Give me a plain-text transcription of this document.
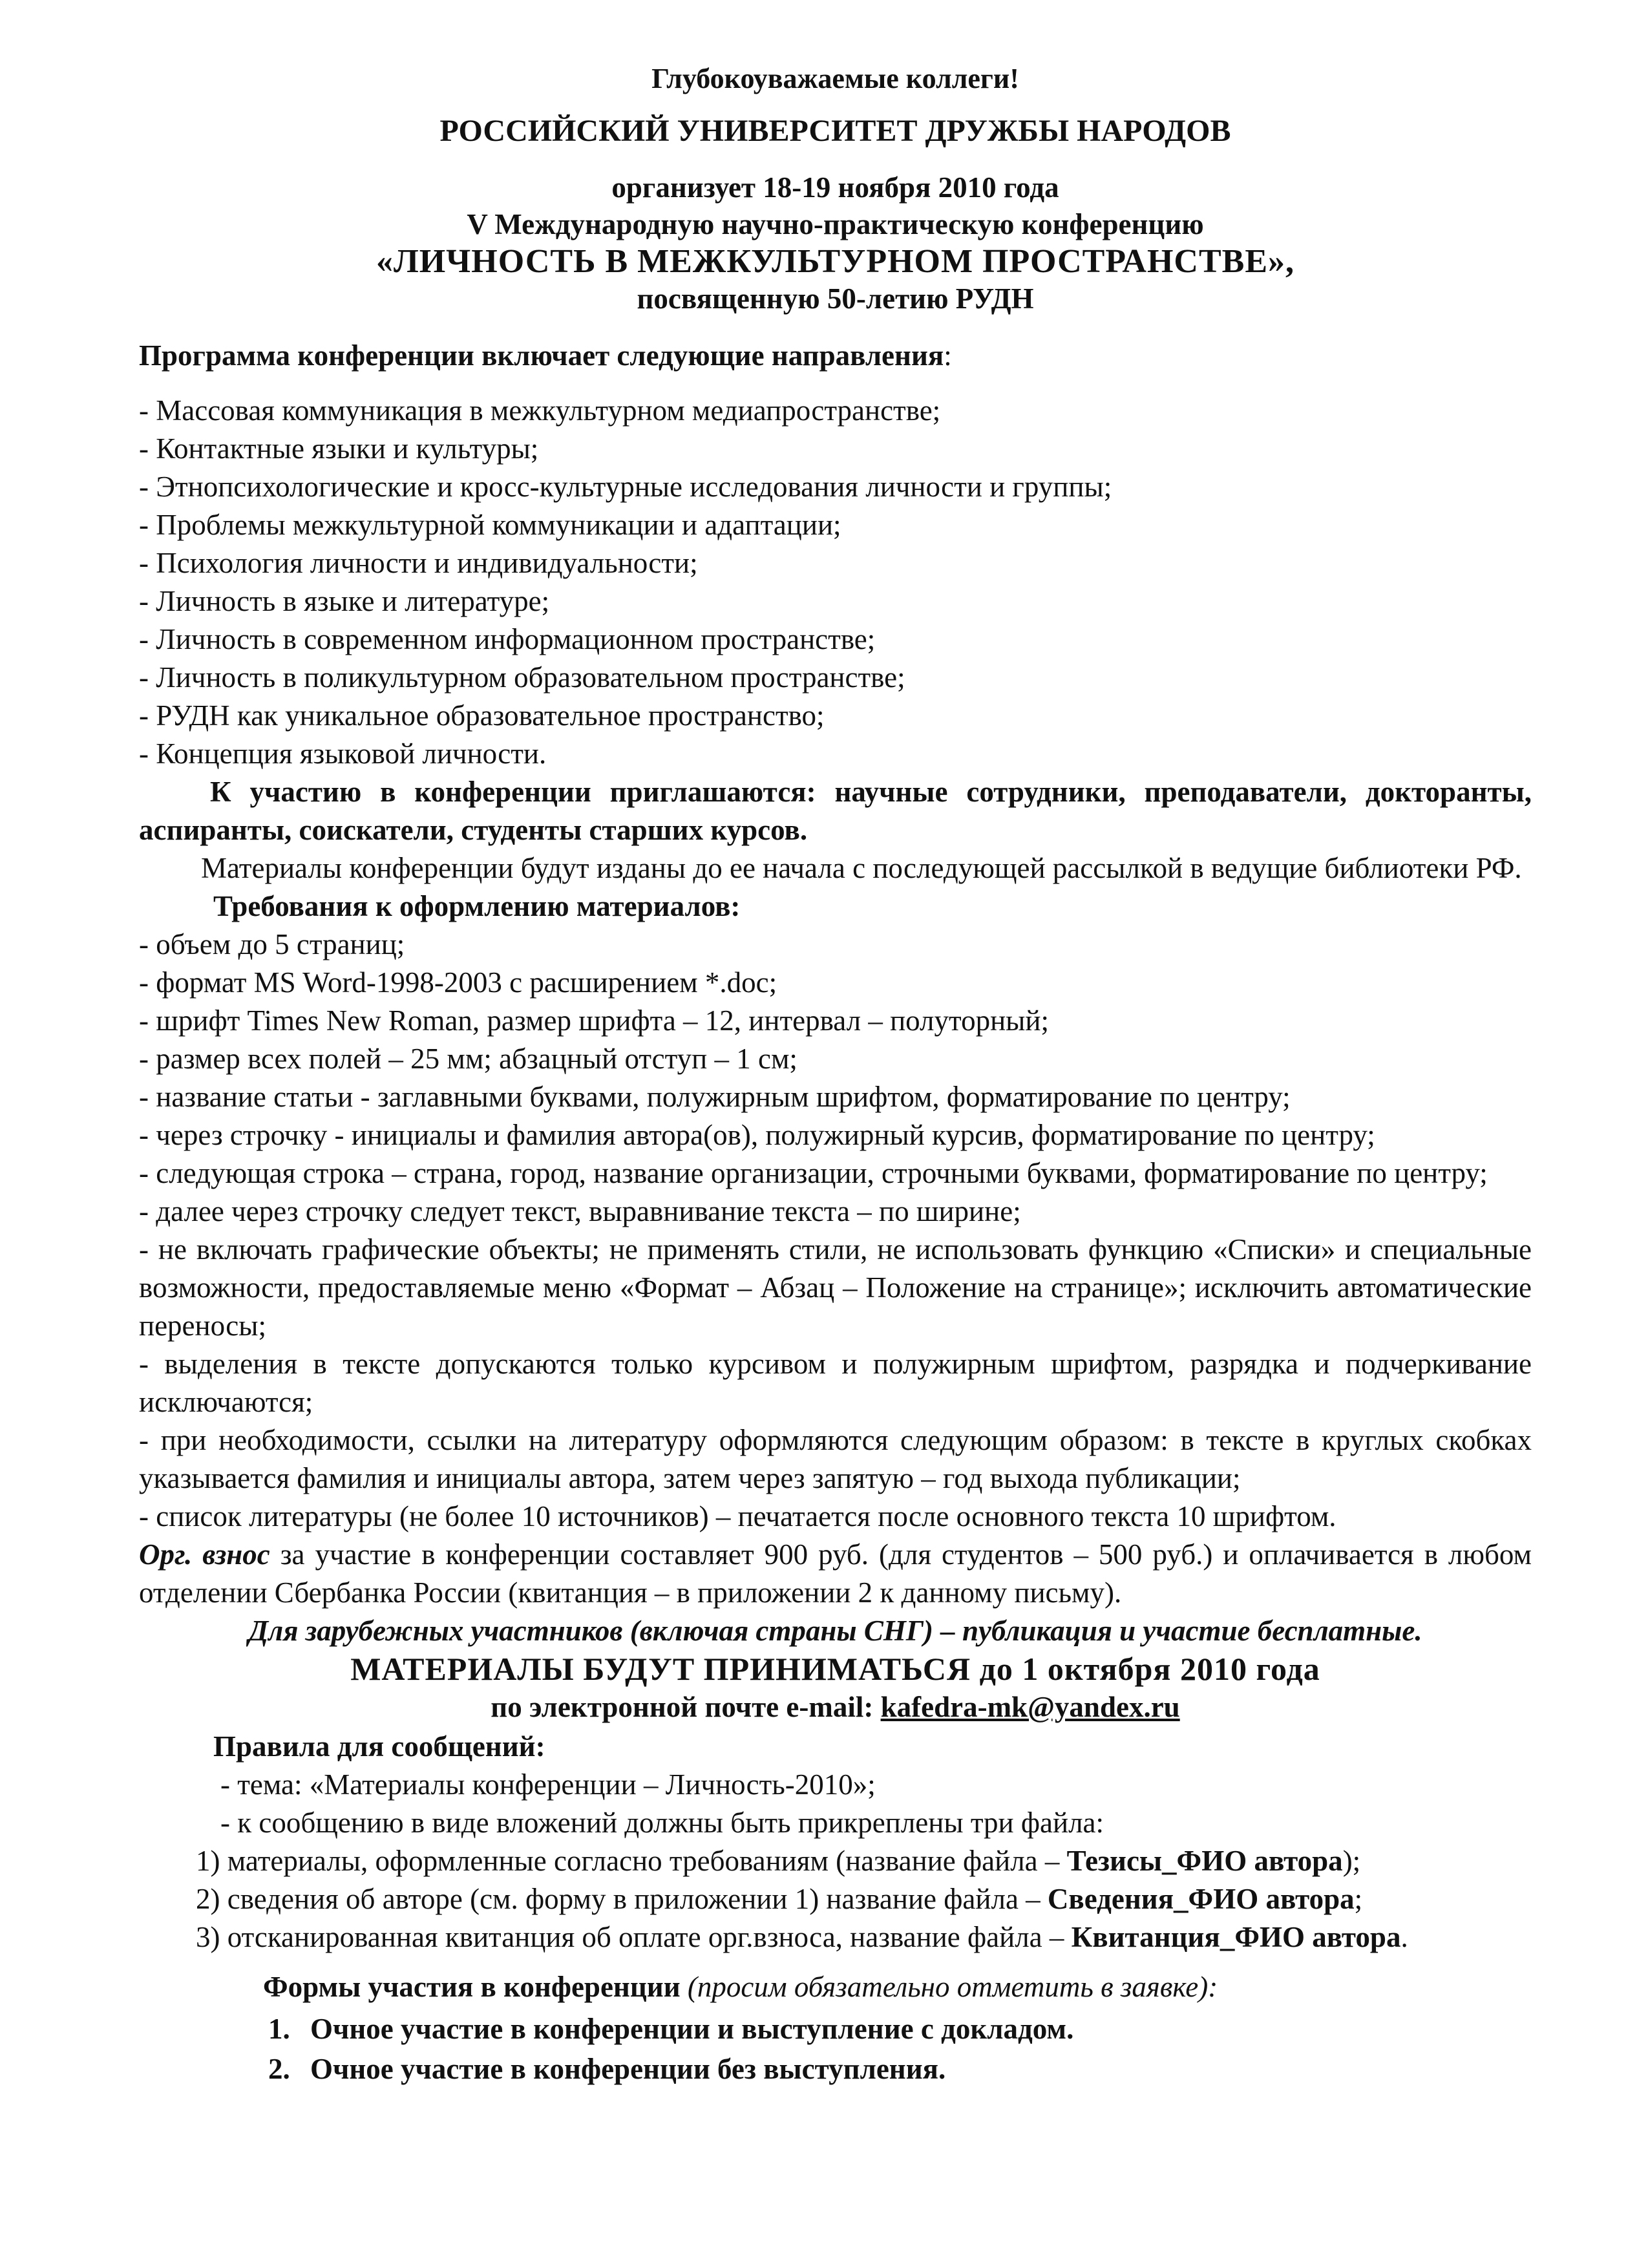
Глубокоуважаемые коллеги!

РОССИЙСКИЙ УНИВЕРСИТЕТ ДРУЖБЫ НАРОДОВ

организует 18-19 ноября 2010 года

V Международную научно-практическую конференцию

«ЛИЧНОСТЬ В МЕЖКУЛЬТУРНОМ ПРОСТРАНСТВЕ»,

посвященную 50-летию РУДН

Программа конференции включает следующие направления:

- Массовая коммуникация в межкультурном медиапространстве;
- Контактные языки и культуры;
- Этнопсихологические и кросс-культурные исследования личности и группы;
- Проблемы межкультурной коммуникации и адаптации;
- Психология личности и индивидуальности;
- Личность в языке и литературе;
- Личность в современном информационном пространстве;
- Личность в поликультурном образовательном пространстве;
- РУДН как уникальное образовательное пространство;
- Концепция языковой личности.

К участию в конференции приглашаются: научные сотрудники, преподаватели, докторанты, аспиранты, соискатели, студенты старших курсов.

Материалы конференции будут изданы до ее начала с последующей рассылкой в ведущие библиотеки РФ.

Требования к оформлению материалов:

- объем до 5 страниц;

- формат MS Word-1998-2003 с расширением *.doc;

- шрифт Times New Roman, размер шрифта – 12, интервал – полуторный;

- размер всех полей – 25 мм; абзацный отступ – 1 см;

- название статьи - заглавными буквами, полужирным шрифтом, форматирование по центру;

- через строчку - инициалы и фамилия автора(ов), полужирный курсив, форматирование по центру;

- следующая строка – страна, город, название организации, строчными буквами, форматирование по центру;

- далее через строчку следует текст, выравнивание текста – по ширине;

- не включать графические объекты; не применять стили, не использовать функцию «Списки» и специальные возможности, предоставляемые меню «Формат – Абзац – Положение на странице»; исключить автоматические переносы;

- выделения в тексте допускаются только курсивом и полужирным шрифтом, разрядка и подчеркивание исключаются;

- при необходимости, ссылки на литературу оформляются следующим образом: в тексте в круглых скобках указывается фамилия и инициалы автора, затем через запятую – год выхода публикации;

- список литературы (не более 10 источников) – печатается после основного текста 10 шрифтом.

Орг. взнос за участие в конференции составляет 900 руб. (для студентов – 500 руб.) и оплачивается в любом отделении Сбербанка России (квитанция – в приложении 2 к данному письму).

Для зарубежных участников (включая страны СНГ) – публикация и участие бесплатные.

МАТЕРИАЛЫ БУДУТ ПРИНИМАТЬСЯ до 1 октября 2010 года

по электронной почте e-mail: kafedra-mk@yandex.ru

Правила для сообщений:

- тема: «Материалы конференции – Личность-2010»;

- к сообщению в виде вложений должны быть прикреплены три файла:

1) материалы, оформленные согласно требованиям (название файла – Тезисы_ФИО автора);

2) сведения об авторе (см. форму в приложении 1) название файла – Сведения_ФИО автора;

3) отсканированная квитанция об оплате орг.взноса, название файла – Квитанция_ФИО автора.

Формы участия в конференции (просим обязательно отметить в заявке):

1. Очное участие в конференции и выступление с докладом.
2. Очное участие в конференции без выступления.
